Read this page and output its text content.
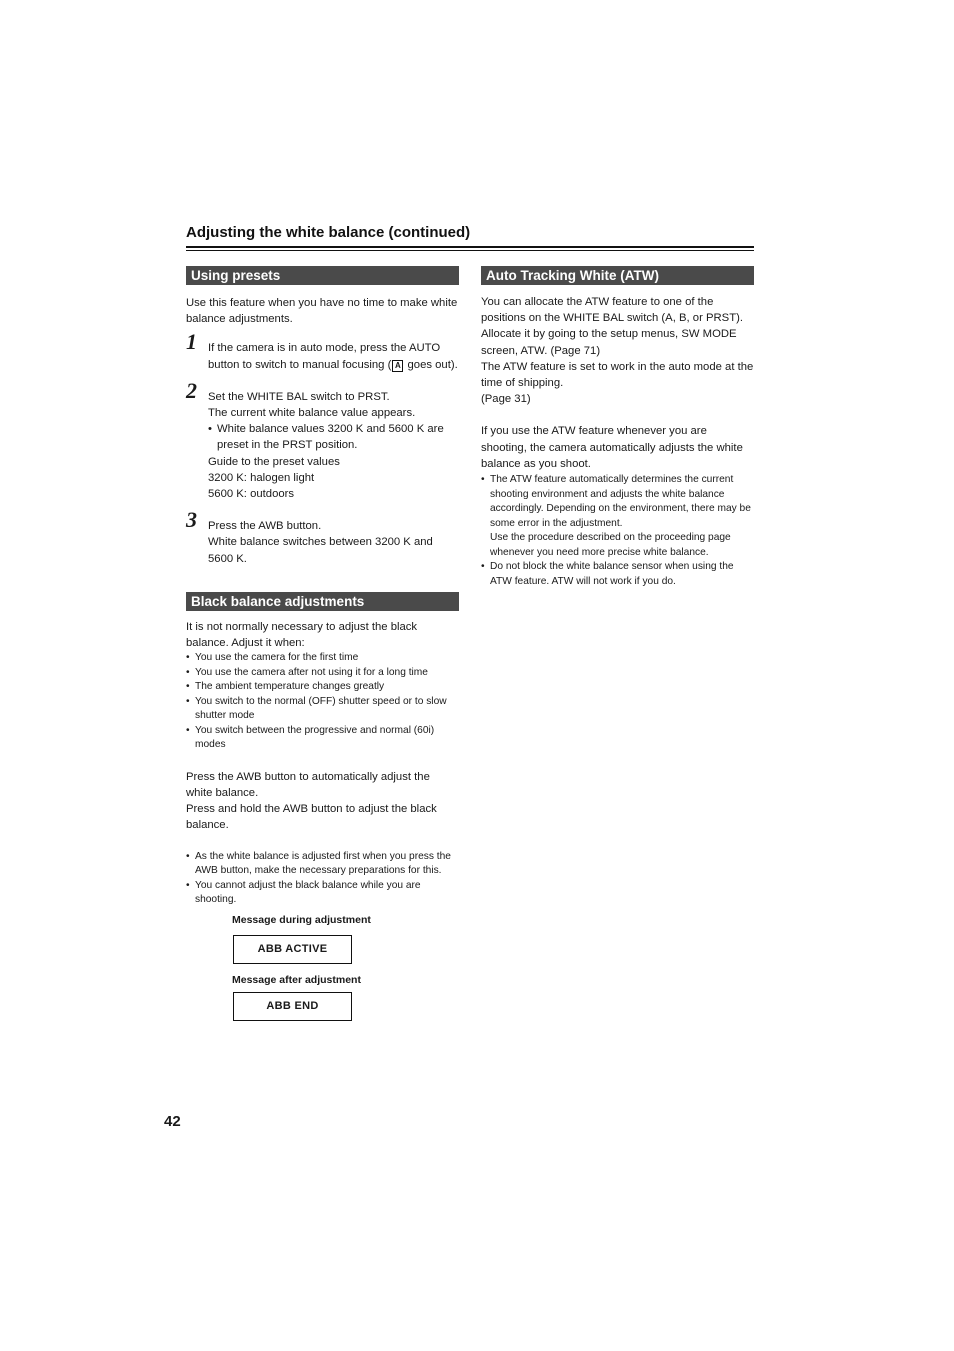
Adjusting the white balance (continued)
Using presets

Use this feature when you have no time to make white balance adjustments.

1 If the camera is in auto mode, press the AUTO button to switch to manual focusing ( A goes out).
2 Set the WHITE BAL switch to PRST.

The current white balance value appears.

• White balance values 3200 K and 5600 K are preset in the PRST position.

Guide to the preset values

3200 K: halogen light

5600 K: outdoors

3 Press the AWB button.

White balance switches between 3200 K and 5600 K.

Black balance adjustments

It is not normally necessary to adjust the black balance. Adjust it when:

• You use the camera for the first time
• You use the camera after not using it for a long time
• The ambient temperature changes greatly
• You switch to the normal (OFF) shutter speed or to slow shutter mode
• You switch between the progressive and normal (60i) modes

Press the AWB button to automatically adjust the white balance.

Press and hold the AWB button to adjust the black balance.

• As the white balance is adjusted first when you press the AWB button, make the necessary preparations for this.
• You cannot adjust the black balance while you are shooting.
Message during adjustment
ABB ACTIVE
Message after adjustment
ABB END
Auto Tracking White (ATW)

You can allocate the ATW feature to one of the positions on the WHITE BAL switch (A, B, or PRST). Allocate it by going to the setup menus, SW MODE screen, ATW. (Page 71)

The ATW feature is set to work in the auto mode at the time of shipping.

(Page 31)

If you use the ATW feature whenever you are shooting, the camera automatically adjusts the white balance as you shoot.

• The ATW feature automatically determines the current shooting environment and adjusts the white balance accordingly. Depending on the environment, there may be some error in the adjustment.
Use the procedure described on the proceeding page whenever you need more precise white balance.
• Do not block the white balance sensor when using the ATW feature. ATW will not work if you do.
42
